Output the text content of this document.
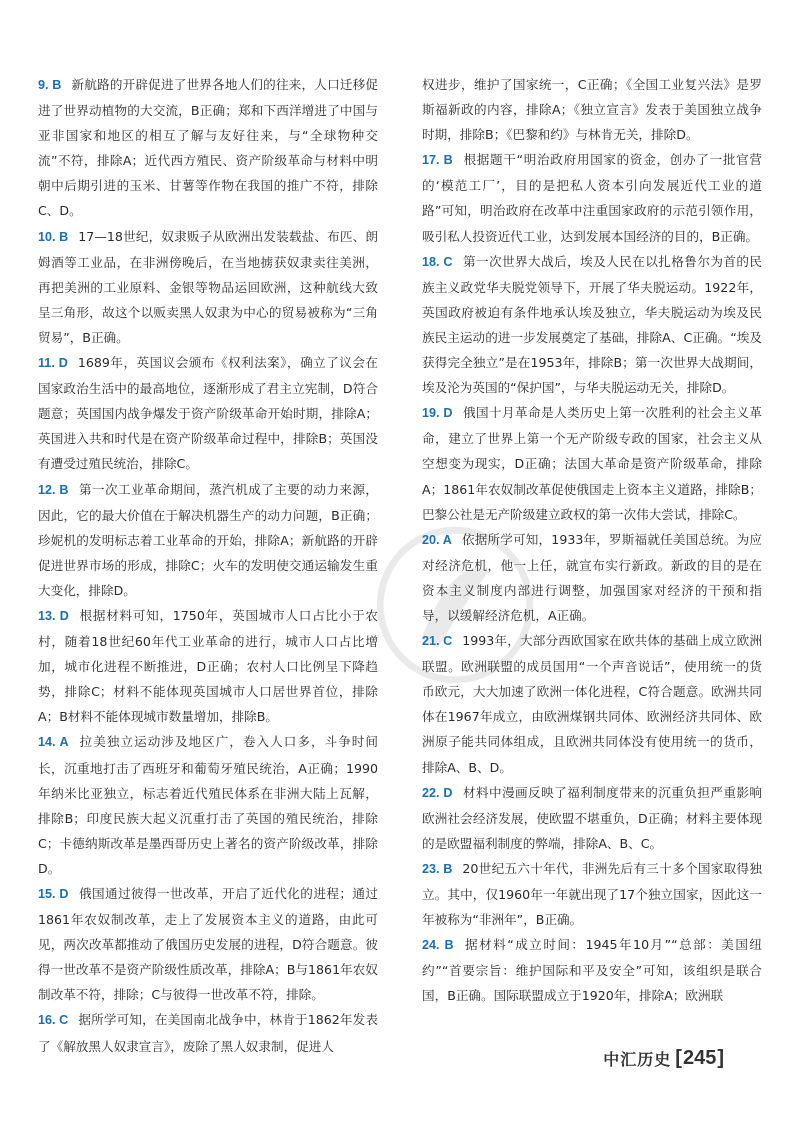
9. B 新航路的开辟促进了世界各地人们的往来，人口迁移促进了世界动植物的大交流，B正确；郑和下西洋增进了中国与亚非国家和地区的相互了解与友好往来，与“全球物种交流”不符，排除A；近代西方殖民、资产阶级革命与材料中明朝中后期引进的玉米、甘薯等作物在我国的推广不符，排除C、D。
10. B 17—18世纪，奴隶贩子从欧洲出发装载盐、布匹、朗姆酒等工业品，在非洲傍晚后，在当地掳获奴隶卖往美洲，再把美洲的工业原料、金银等物品运回欧洲，这种航线大致呈三角形，故这个以贩卖黑人奴隶为中心的贸易被称为“三角贸易”，B正确。
11. D 1689年，英国议会颁布《权利法案》，确立了议会在国家政治生活中的最高地位，逐渐形成了君主立宪制，D符合题意；英国国内战争爆发于资产阶级革命开始时期，排除A；英国进入共和时代是在资产阶级革命过程中，排除B；英国没有遭受过殖民统治，排除C。
12. B 第一次工业革命期间，蒸汽机成了主要的动力来源，因此，它的最大价值在于解决机器生产的动力问题，B正确；珍妮机的发明标志着工业革命的开始，排除A；新航路的开辟促进世界市场的形成，排除C；火车的发明使交通运输发生重大变化，排除D。
13. D 根据材料可知，1750年，英国城市人口占比小于农村，随着18世纪60年代工业革命的进行，城市人口占比增加，城市化进程不断推进，D正确；农村人口比例呈下降趋势，排除C；材料不能体现英国城市人口居世界首位，排除A；B材料不能体现城市数量增加，排除B。
14. A 拉美独立运动涉及地区广，卷入人口多，斗争时间长，沉重地打击了西班牙和葡萄牙殖民统治，A正确；1990年纳米比亚独立，标志着近代殖民体系在非洲大陆上瓦解，排除B；印度民族大起义沉重打击了英国的殖民统治，排除C；卡德纳斯改革是墨西哥历史上著名的资产阶级改革，排除D。
15. D 俄国通过彼得一世改革，开启了近代化的进程；通过1861年农奴制改革，走上了发展资本主义的道路，由此可见，两次改革都推动了俄国历史发展的进程，D符合题意。彼得一世改革不是资产阶级性质改革，排除A；B与1861年农奴制改革不符，排除；C与彼得一世改革不符，排除。
16. C 据所学可知，在美国南北战争中，林肯于1862年发表了《解放黑人奴隶宣言》，废除了黑人奴隶制，促进人
权进步，维护了国家统一，C正确；《全国工业复兴法》是罗斯福新政的内容，排除A；《独立宣言》发表于美国独立战争时期，排除B；《巴黎和约》与林肯无关，排除D。
17. B 根据题干“明治政府用国家的资金，创办了一批官营的‘模范工厂’，目的是把私人资本引向发展近代工业的道路”可知，明治政府在改革中注重国家政府的示范引领作用，吸引私人投资近代工业，达到发展本国经济的目的，B正确。
18. C 第一次世界大战后，埃及人民在以扎格鲁尔为首的民族主义政党华夫脱党领导下，开展了华夫脱运动。1922年，英国政府被迫有条件地承认埃及独立，华夫脱运动为埃及民族民主运动的进一步发展奠定了基础，排除A、C正确。“埃及获得完全独立”是在1953年，排除B；第一次世界大战期间，埃及沦为英国的“保护国”，与华夫脱运动无关，排除D。
19. D 俄国十月革命是人类历史上第一次胜利的社会主义革命，建立了世界上第一个无产阶级专政的国家，社会主义从空想变为现实，D正确；法国大革命是资产阶级革命，排除A；1861年农奴制改革促使俄国走上资本主义道路，排除B；巴黎公社是无产阶级建立政权的第一次伟大尝试，排除C。
20. A 依据所学可知，1933年，罗斯福就任美国总统。为应对经济危机，他一上任，就宣布实行新政。新政的目的是在资本主义制度内部进行调整，加强国家对经济的干预和指导，以缓解经济危机，A正确。
21. C 1993年，大部分西欧国家在欧共体的基础上成立欧洲联盟。欧洲联盟的成员国用“一个声音说话”，使用统一的货币欧元，大大加速了欧洲一体化进程，C符合题意。欧洲共同体在1967年成立，由欧洲煤钢共同体、欧洲经济共同体、欧洲原子能共同体组成，且欧洲共同体没有使用统一的货币，排除A、B、D。
22. D 材料中漫画反映了福利制度带来的沉重负担严重影响欧洲社会经济发展，使欧盟不堪重负，D正确；材料主要体现的是欧盟福利制度的弊端，排除A、B、C。
23. B 20世纪五六十年代，非洲先后有三十多个国家取得独立。其中，仅1960年一年就出现了17个独立国家，因此这一年被称为“非洲年”，B正确。
24. B 据材料“成立时间：1945年10月”“总部：美国纽约”“首要宗旨：维护国际和平及安全”可知，该组织是联合国，B正确。国际联盟成立于1920年，排除A；欧洲联
中汇历史
[ 245 ]
